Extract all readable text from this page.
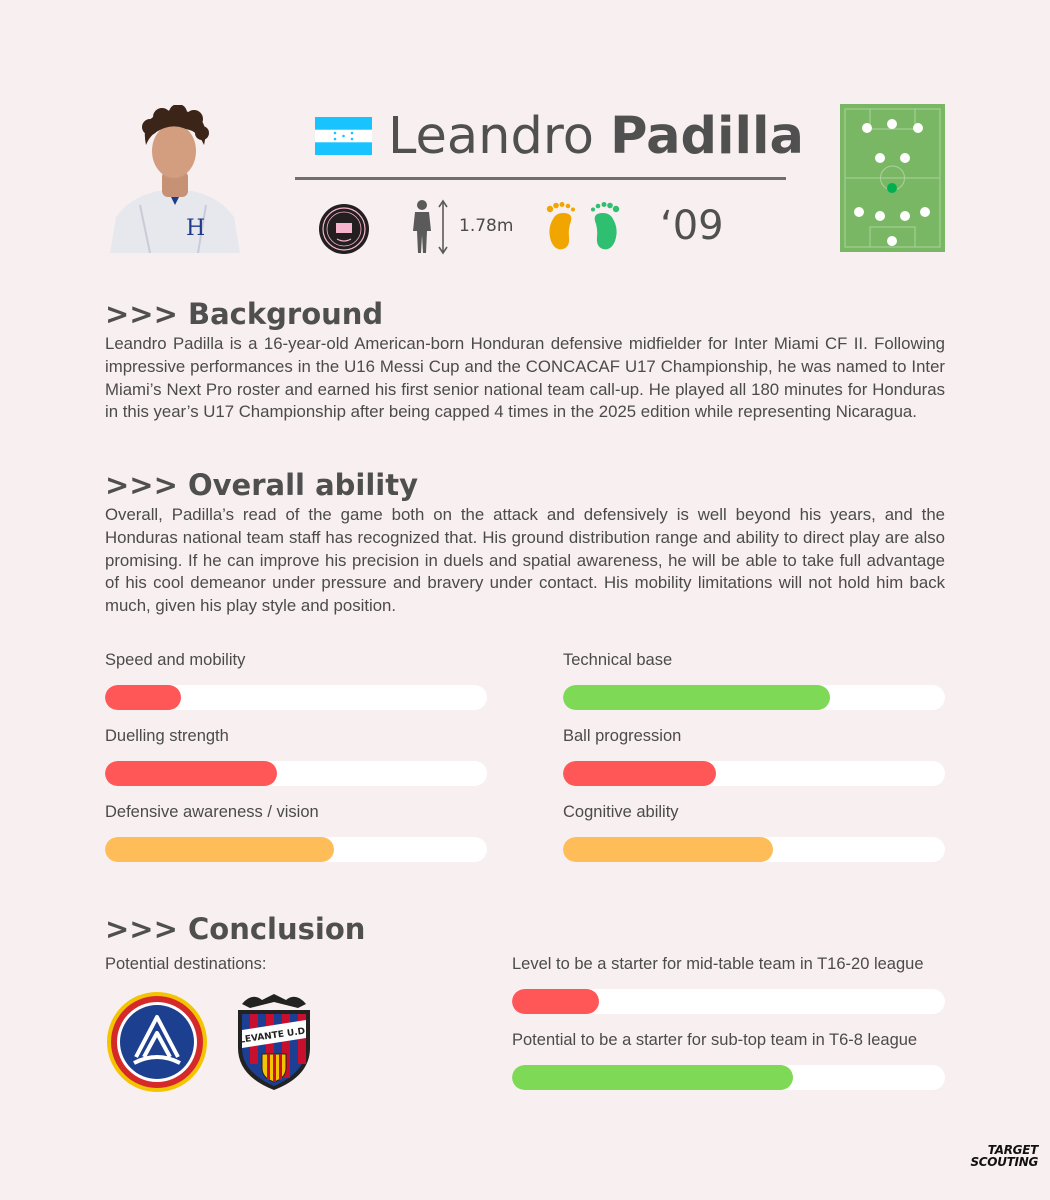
H
Leandro Padilla
1.78m	‘09
>>> Background
Leandro Padilla is a 16-year-old American-born Honduran defensive midfielder for Inter Miami CF II. Following impressive performances in the U16 Messi Cup and the CONCACAF U17 Championship, he was named to Inter Miami’s Next Pro roster and earned his first senior national team call-up. He played all 180 minutes for Honduras in this year’s U17 Championship after being capped 4 times in the 2025 edition while representing Nicaragua.
>>> Overall ability
Overall, Padilla’s read of the game both on the attack and defensively is well beyond his years, and the Honduras national team staff has recognized that. His ground distribution range and ability to direct play are also promising. If he can improve his precision in duels and spatial awareness, he will be able to take full advantage of his cool demeanor under pressure and bravery under contact. His mobility limitations will not hold him back much, given his play style and position.
Speed and mobility	Technical base
Duelling strength	Ball progression
Defensive awareness / vision	Cognitive ability
>>> Conclusion
Potential destinations:
LEVANTE U.D.
Level to be a starter for mid-table team in T16-20 league
Potential to be a starter for sub-top team in T6-8 league
TARGET
SCOUTING
